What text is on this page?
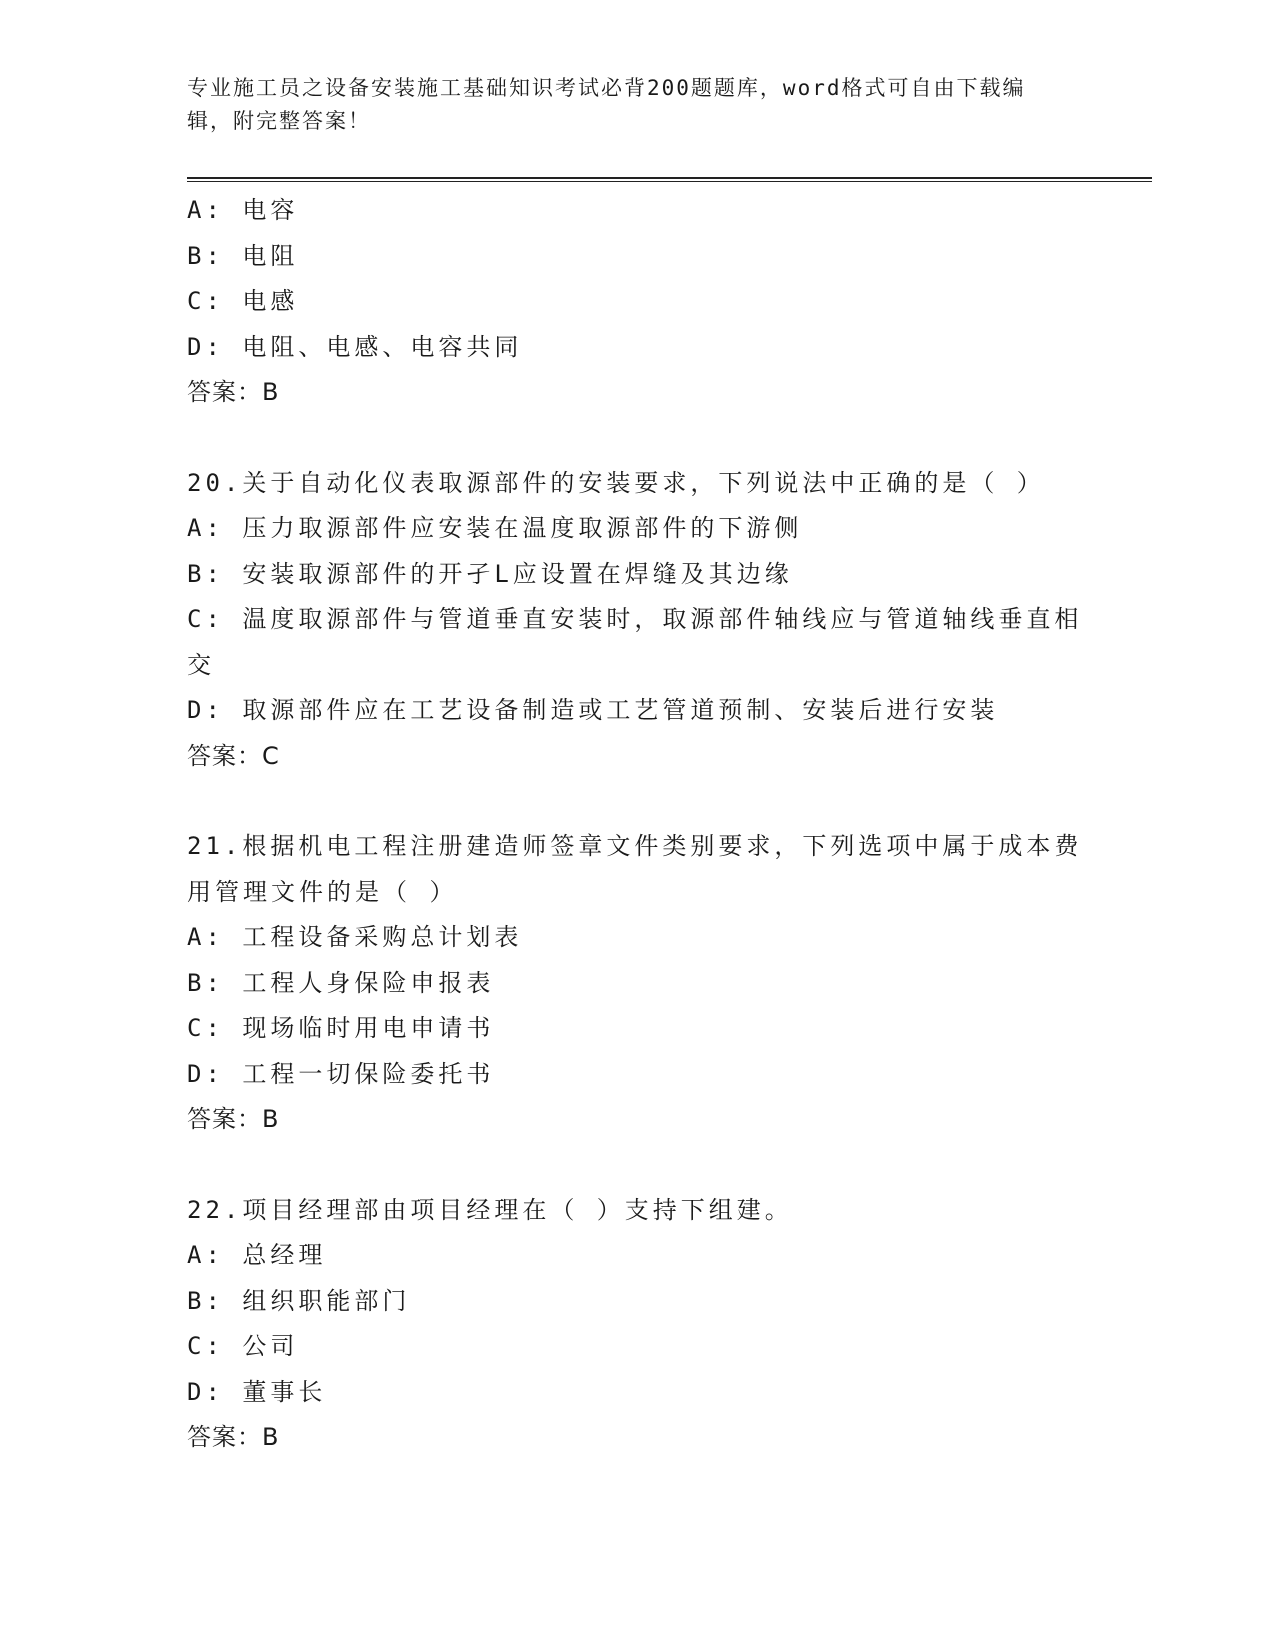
专业施工员之设备安装施工基础知识考试必背200题题库，word格式可自由下载编辑，附完整答案！
A: 电容
B: 电阻
C: 电感
D: 电阻、电感、电容共同
答案：B
20.关于自动化仪表取源部件的安装要求，下列说法中正确的是（ ）
A: 压力取源部件应安装在温度取源部件的下游侧
B: 安装取源部件的开孑L应设置在焊缝及其边缘
C: 温度取源部件与管道垂直安装时，取源部件轴线应与管道轴线垂直相交
D: 取源部件应在工艺设备制造或工艺管道预制、安装后进行安装
答案：C
21.根据机电工程注册建造师签章文件类别要求，下列选项中属于成本费用管理文件的是（ ）
A: 工程设备采购总计划表
B: 工程人身保险申报表
C: 现场临时用电申请书
D: 工程一切保险委托书
答案：B
22.项目经理部由项目经理在（ ）支持下组建。
A: 总经理
B: 组织职能部门
C: 公司
D: 董事长
答案：B
